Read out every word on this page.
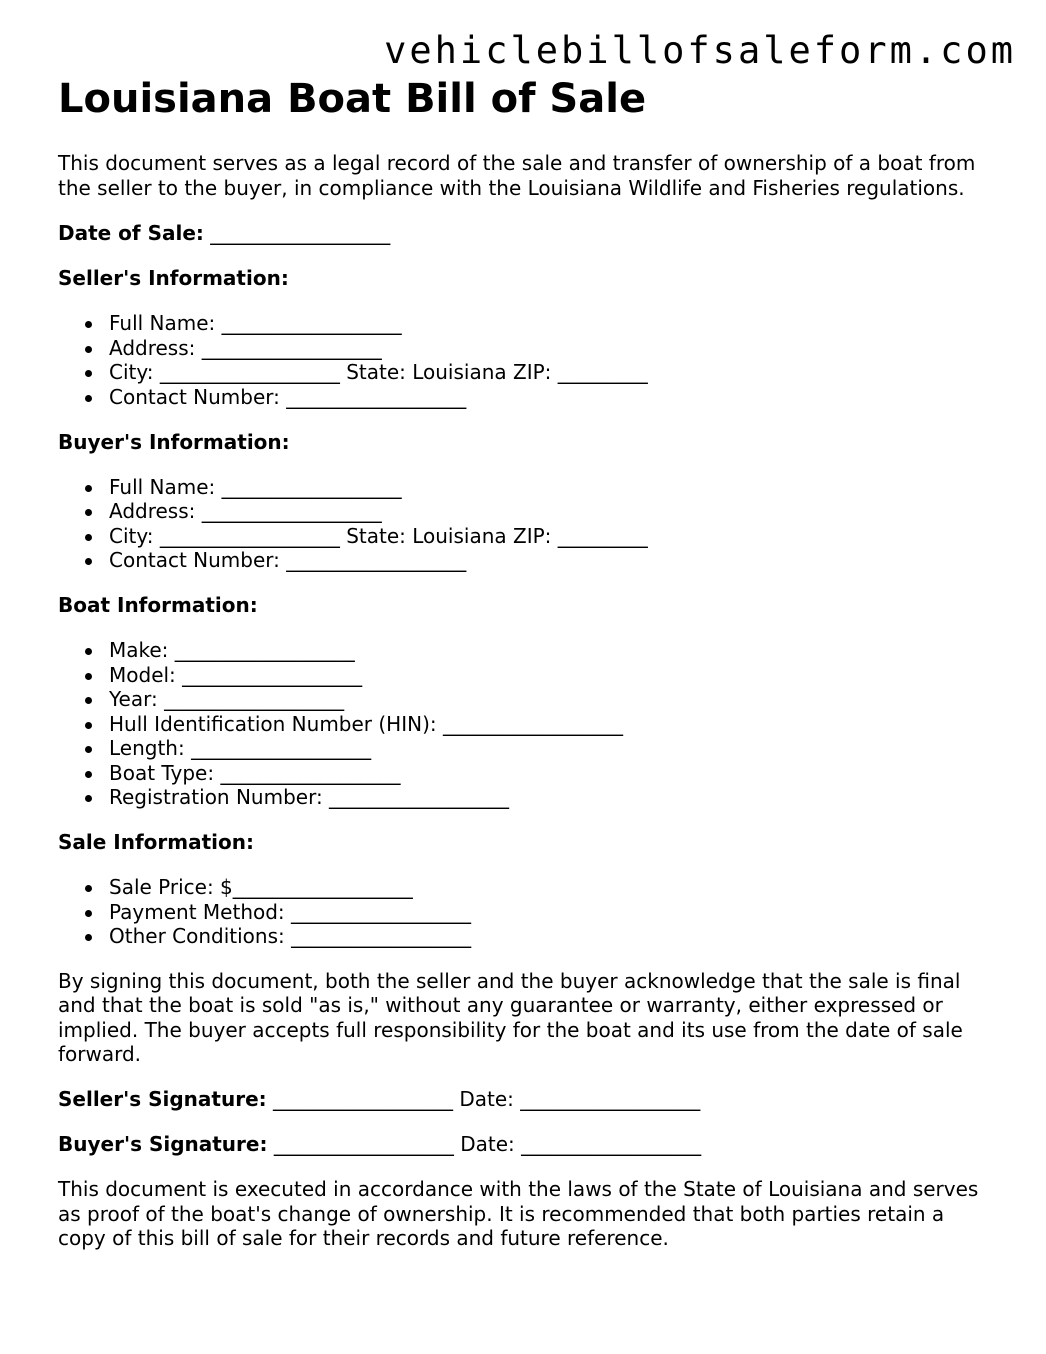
vehiclebillofsaleform.com
Louisiana Boat Bill of Sale

This document serves as a legal record of the sale and transfer of ownership of a boat from the seller to the buyer, in compliance with the Louisiana Wildlife and Fisheries regulations.

Date of Sale: __________________

Seller's Information:

Full Name: __________________
Address: __________________
City: __________________ State: Louisiana ZIP: _________
Contact Number: __________________

Buyer's Information:

Full Name: __________________
Address: __________________
City: __________________ State: Louisiana ZIP: _________
Contact Number: __________________

Boat Information:

Make: __________________
Model: __________________
Year: __________________
Hull Identification Number (HIN): __________________
Length: __________________
Boat Type: __________________
Registration Number: __________________

Sale Information:

Sale Price: $__________________
Payment Method: __________________
Other Conditions: __________________

By signing this document, both the seller and the buyer acknowledge that the sale is final and that the boat is sold "as is," without any guarantee or warranty, either expressed or implied. The buyer accepts full responsibility for the boat and its use from the date of sale forward.

Seller's Signature: __________________ Date: __________________

Buyer's Signature: __________________ Date: __________________

This document is executed in accordance with the laws of the State of Louisiana and serves as proof of the boat's change of ownership. It is recommended that both parties retain a copy of this bill of sale for their records and future reference.
